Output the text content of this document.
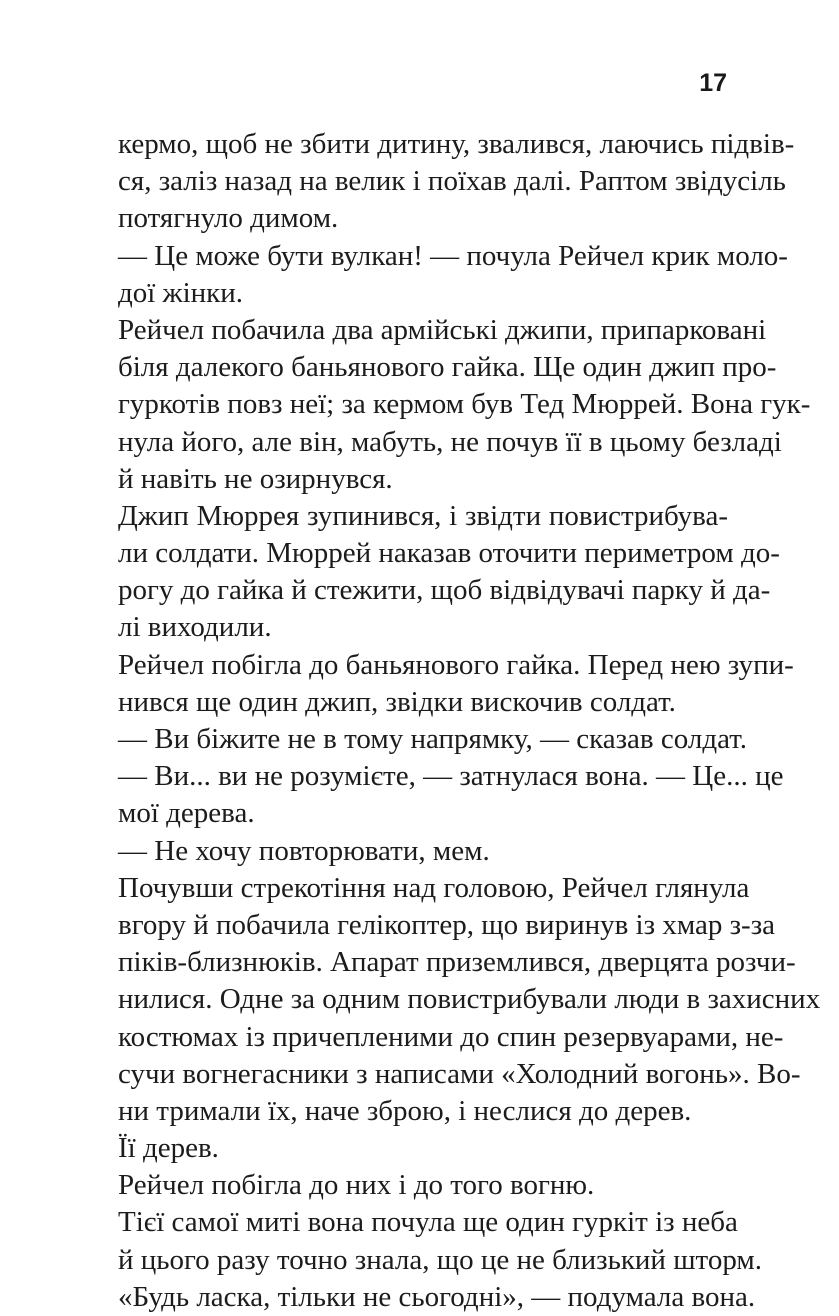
17
кермо, щоб не збити дитину, звалився, лаючись підвів-
ся, заліз назад на велик і поїхав далі. Раптом звідусіль
потягнуло димом.
— Це може бути вулкан! — почула Рейчел крик моло-
дої жінки.
Рейчел побачила два армійські джипи, припарковані
біля далекого баньянового гайка. Ще один джип про-
гуркотів повз неї; за кермом був Тед Мюррей. Вона гук-
нула його, але він, мабуть, не почув її в цьому безладі
й навіть не озирнувся.
Джип Мюррея зупинився, і звідти повистрибува-
ли солдати. Мюррей наказав оточити периметром до-
рогу до гайка й стежити, щоб відвідувачі парку й да-
лі виходили.
Рейчел побігла до баньянового гайка. Перед нею зупи-
нився ще один джип, звідки вискочив солдат.
— Ви біжите не в тому напрямку, — сказав солдат.
— Ви... ви не розумієте, — затнулася вона. — Це... це
мої дерева.
— Не хочу повторювати, мем.
Почувши стрекотіння над головою, Рейчел глянула
вгору й побачила гелікоптер, що виринув із хмар з-за
піків-близнюків. Апарат приземлився, дверцята розчи-
нилися. Одне за одним повистрибували люди в захисних
костюмах із причепленими до спин резервуарами, не-
сучи вогнегасники з написами «Холодний вогонь». Во-
ни тримали їх, наче зброю, і неслися до дерев.
Її дерев.
Рейчел побігла до них і до того вогню.
Тієї самої миті вона почула ще один гуркіт із неба
й цього разу точно знала, що це не близький шторм.
«Будь ласка, тільки не сьогодні», — подумала вона.
